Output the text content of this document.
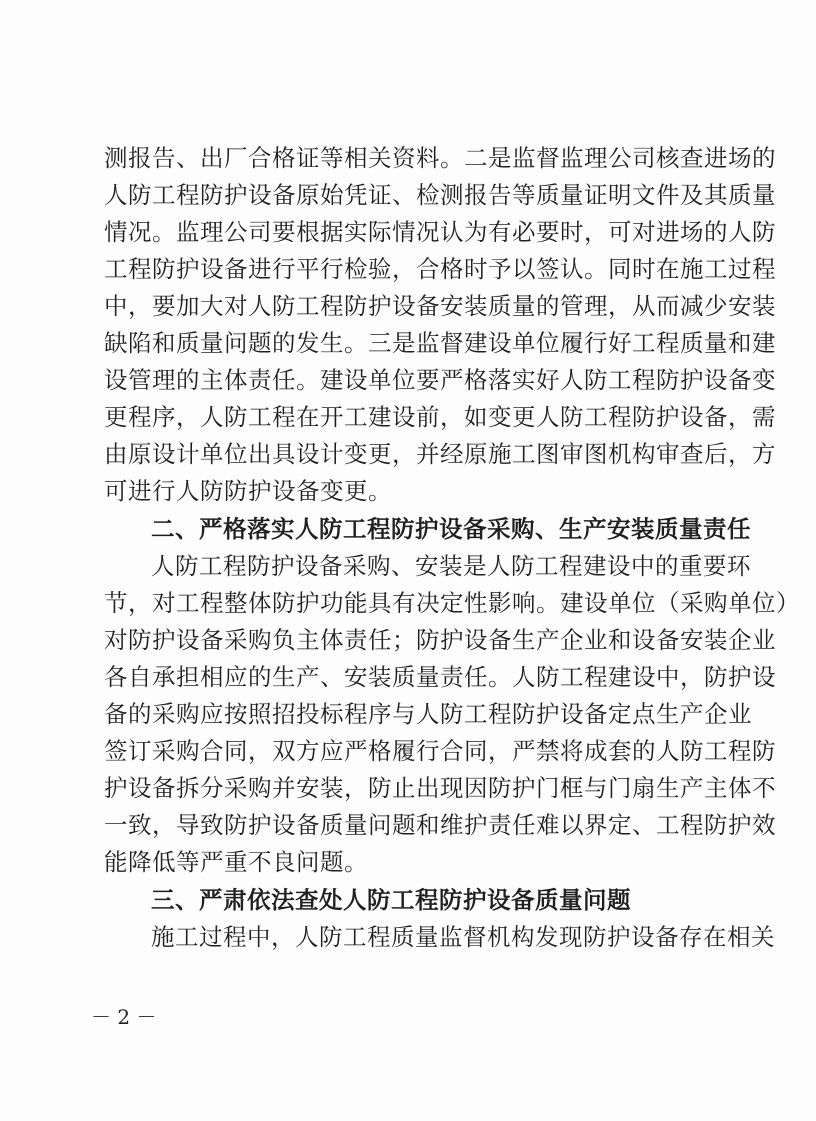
测报告、出厂合格证等相关资料。二是监督监理公司核查进场的
人防工程防护设备原始凭证、检测报告等质量证明文件及其质量
情况。监理公司要根据实际情况认为有必要时，可对进场的人防
工程防护设备进行平行检验，合格时予以签认。同时在施工过程
中，要加大对人防工程防护设备安装质量的管理，从而减少安装
缺陷和质量问题的发生。三是监督建设单位履行好工程质量和建
设管理的主体责任。建设单位要严格落实好人防工程防护设备变
更程序，人防工程在开工建设前，如变更人防工程防护设备，需
由原设计单位出具设计变更，并经原施工图审图机构审查后，方
可进行人防防护设备变更。
二、严格落实人防工程防护设备采购、生产安装质量责任
人防工程防护设备采购、安装是人防工程建设中的重要环
节，对工程整体防护功能具有决定性影响。建设单位（采购单位）
对防护设备采购负主体责任；防护设备生产企业和设备安装企业
各自承担相应的生产、安装质量责任。人防工程建设中，防护设
备的采购应按照招投标程序与人防工程防护设备定点生产企业
签订采购合同，双方应严格履行合同，严禁将成套的人防工程防
护设备拆分采购并安装，防止出现因防护门框与门扇生产主体不
一致，导致防护设备质量问题和维护责任难以界定、工程防护效
能降低等严重不良问题。
三、严肃依法查处人防工程防护设备质量问题
施工过程中，人防工程质量监督机构发现防护设备存在相关
－ 2 －
